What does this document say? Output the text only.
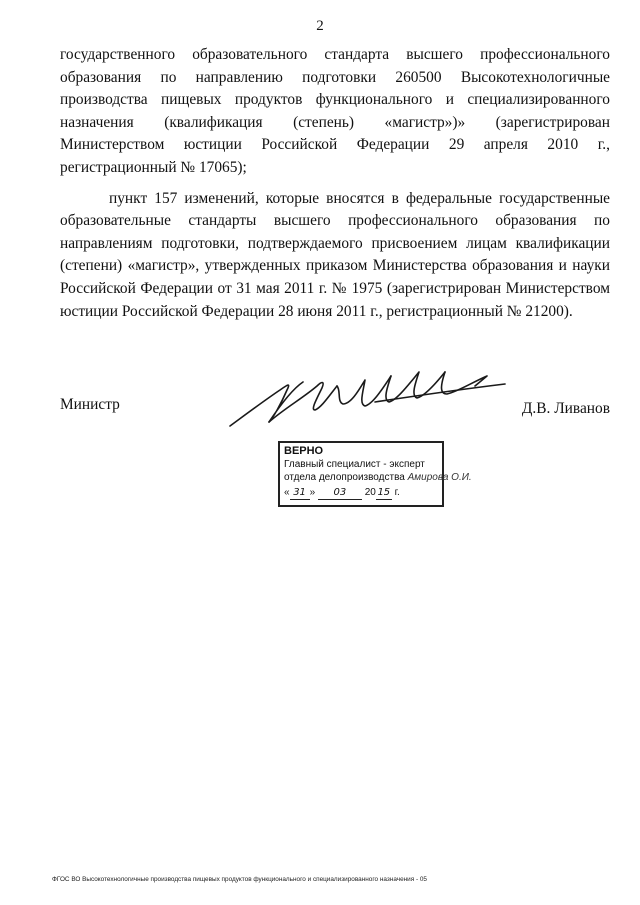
2

государственного образовательного стандарта высшего профессионального образования по направлению подготовки 260500 Высокотехнологичные производства пищевых продуктов функционального и специализированного назначения (квалификация (степень) «магистр»)» (зарегистрирован Министерством юстиции Российской Федерации 29 апреля 2010 г., регистрационный № 17065);

пункт 157 изменений, которые вносятся в федеральные государственные образовательные стандарты высшего профессионального образования по направлениям подготовки, подтверждаемого присвоением лицам квалификации (степени) «магистр», утвержденных приказом Министерства образования и науки Российской Федерации от 31 мая 2011 г. № 1975 (зарегистрирован Министерством юстиции Российской Федерации 28 июня 2011 г., регистрационный № 21200).

Министр	Д.В. Ливанов
ВЕРНО
Главный специалист - эксперт
отдела делопроизводства Амирова О.И.
« 31 » 03 20 15 г.
ФГОС ВО Высокотехнологичные производства пищевых продуктов функционального и специализированного назначения - 05
